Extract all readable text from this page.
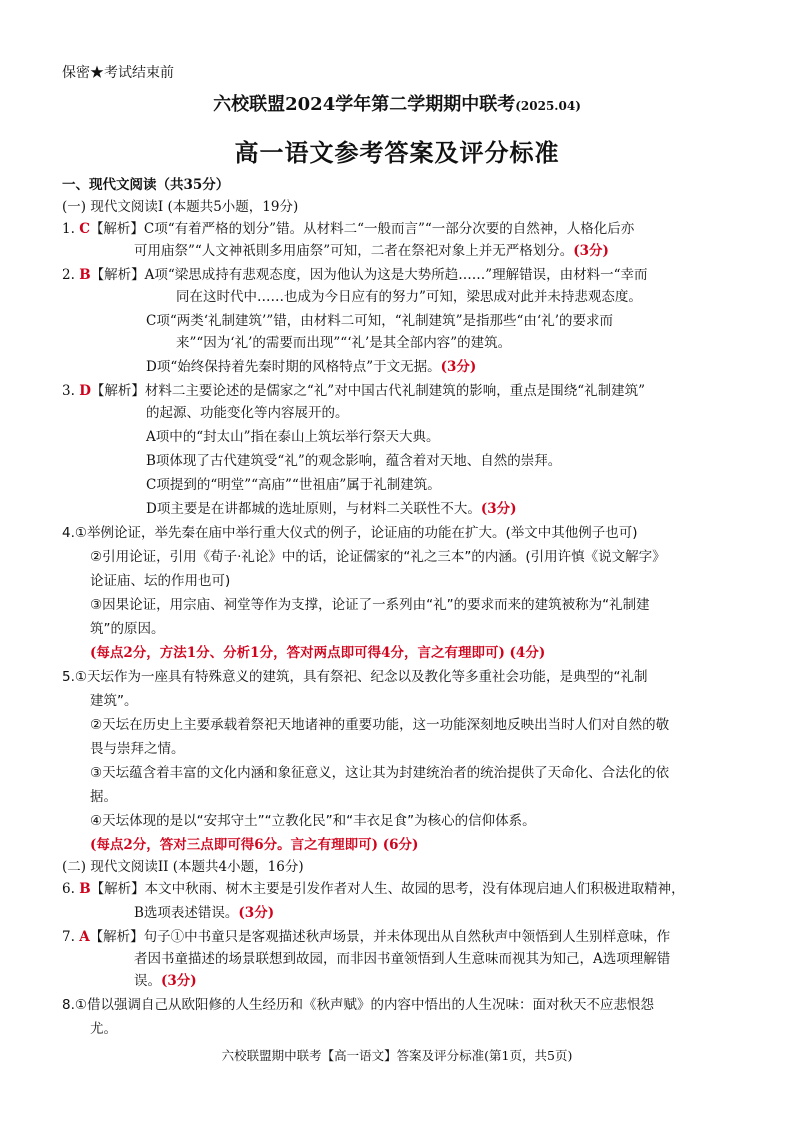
保密★考试结束前
六校联盟2024学年第二学期期中联考(2025.04)
高一语文参考答案及评分标准
一、现代文阅读（共35分）
(一) 现代文阅读I (本题共5小题，19分)
1. C【解析】C项“有着严格的划分”错。从材料二“一般而言”“一部分次要的自然神，人格化后亦
可用庙祭”“人文神祇則多用庙祭”可知，二者在祭祀对象上并无严格划分。(3分)
2. B【解析】A项“梁思成持有悲观态度，因为他认为这是大势所趋……”理解错误，由材料一“幸而
同在这时代中……也成为今日应有的努力”可知，梁思成对此并未持悲观态度。
C项“两类‘礼制建筑’”错，由材料二可知，“礼制建筑”是指那些“由‘礼’的要求而
来”“因为‘礼’的需要而出现”“‘礼’是其全部内容”的建筑。
D项“始终保持着先秦时期的风格特点”于文无据。(3分)
3. D【解析】材料二主要论述的是儒家之“礼”对中国古代礼制建筑的影响，重点是围绕“礼制建筑”
的起源、功能变化等内容展开的。
A项中的“封太山”指在泰山上筑坛举行祭天大典。
B项体现了古代建筑受“礼”的观念影响，蕴含着对天地、自然的崇拜。
C项提到的“明堂”“高庙”“世祖庙”属于礼制建筑。
D项主要是在讲都城的选址原则，与材料二关联性不大。(3分)
4.①举例论证，举先秦在庙中举行重大仪式的例子，论证庙的功能在扩大。(举文中其他例子也可)
②引用论证，引用《荀子·礼论》中的话，论证儒家的“礼之三本”的内涵。(引用许慎《说文解字》
论证庙、坛的作用也可)
③因果论证，用宗庙、祠堂等作为支撑，论证了一系列由“礼”的要求而来的建筑被称为“礼制建
筑”的原因。
(每点2分，方法1分、分析1分，答对两点即可得4分，言之有理即可) (4分)
5.①天坛作为一座具有特殊意义的建筑，具有祭祀、纪念以及教化等多重社会功能，是典型的“礼制
建筑”。
②天坛在历史上主要承载着祭祀天地诸神的重要功能，这一功能深刻地反映出当时人们对自然的敬
畏与崇拜之情。
③天坛蕴含着丰富的文化内涵和象征意义，这让其为封建统治者的统治提供了天命化、合法化的依
据。
④天坛体现的是以“安邦守土”“立教化民”和“丰衣足食”为核心的信仰体系。
(每点2分，答对三点即可得6分。言之有理即可) (6分)
(二) 现代文阅读II (本题共4小题，16分)
6. B【解析】本文中秋雨、树木主要是引发作者对人生、故园的思考，没有体现启迪人们积极进取精神，
B选项表述错误。(3分)
7. A【解析】句子①中书童只是客观描述秋声场景，并未体现出从自然秋声中领悟到人生别样意味，作
者因书童描述的场景联想到故园，而非因书童领悟到人生意味而视其为知己，A选项理解错
误。(3分)
8.①借以强调自己从欧阳修的人生经历和《秋声赋》的内容中悟出的人生况味：面对秋天不应悲恨怨
尤。
六校联盟期中联考【高一语文】答案及评分标准(第1页，共5页)
